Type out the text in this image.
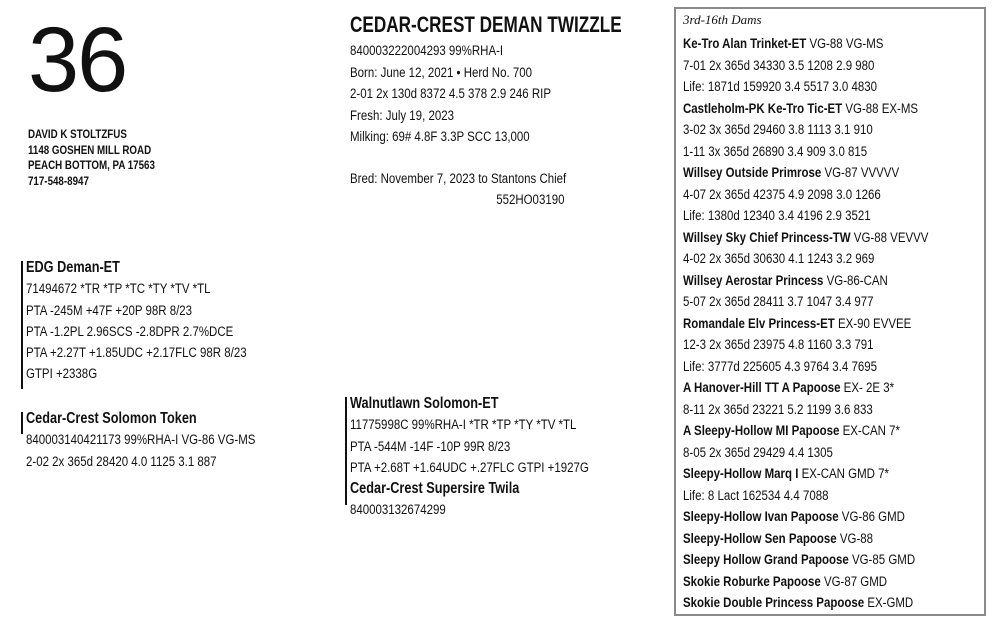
36
DAVID K STOLTZFUS
1148 GOSHEN MILL ROAD
PEACH BOTTOM, PA 17563
717-548-8947
CEDAR-CREST DEMAN TWIZZLE
840003222004293 99%RHA-I
Born: June 12, 2021 • Herd No. 700
2-01 2x 130d 8372 4.5 378 2.9 246 RIP
Fresh: July 19, 2023
Milking: 69# 4.8F 3.3P SCC 13,000
Bred: November 7, 2023 to Stantons Chief
552HO03190
EDG Deman-ET
71494672 *TR *TP *TC *TY *TV *TL
PTA -245M +47F +20P 98R 8/23
PTA -1.2PL 2.96SCS -2.8DPR 2.7%DCE
PTA +2.27T +1.85UDC +2.17FLC 98R 8/23
GTPI +2338G
Cedar-Crest Solomon Token
840003140421173 99%RHA-I VG-86 VG-MS
2-02 2x 365d 28420 4.0 1125 3.1 887
Walnutlawn Solomon-ET
11775998C 99%RHA-I *TR *TP *TY *TV *TL
PTA -544M -14F -10P 99R 8/23
PTA +2.68T +1.64UDC +.27FLC GTPI +1927G
Cedar-Crest Supersire Twila
840003132674299
3rd-16th Dams
Ke-Tro Alan Trinket-ET VG-88 VG-MS
7-01 2x 365d 34330 3.5 1208 2.9 980
Life: 1871d 159920 3.4 5517 3.0 4830
Castleholm-PK Ke-Tro Tic-ET VG-88 EX-MS
3-02 3x 365d 29460 3.8 1113 3.1 910
1-11 3x 365d 26890 3.4 909 3.0 815
Willsey Outside Primrose VG-87 VVVVV
4-07 2x 365d 42375 4.9 2098 3.0 1266
Life: 1380d 12340 3.4 4196 2.9 3521
Willsey Sky Chief Princess-TW VG-88 VEVVV
4-02 2x 365d 30630 4.1 1243 3.2 969
Willsey Aerostar Princess VG-86-CAN
5-07 2x 365d 28411 3.7 1047 3.4 977
Romandale Elv Princess-ET EX-90 EVVEE
12-3 2x 365d 23975 4.8 1160 3.3 791
Life: 3777d 225605 4.3 9764 3.4 7695
A Hanover-Hill TT A Papoose EX- 2E 3*
8-11 2x 365d 23221 5.2 1199 3.6 833
A Sleepy-Hollow MI Papoose EX-CAN 7*
8-05 2x 365d 29429 4.4 1305
Sleepy-Hollow Marq I EX-CAN GMD 7*
Life: 8 Lact 162534 4.4 7088
Sleepy-Hollow Ivan Papoose VG-86 GMD
Sleepy-Hollow Sen Papoose VG-88
Sleepy Hollow Grand Papoose VG-85 GMD
Skokie Roburke Papoose VG-87 GMD
Skokie Double Princess Papoose EX-GMD
